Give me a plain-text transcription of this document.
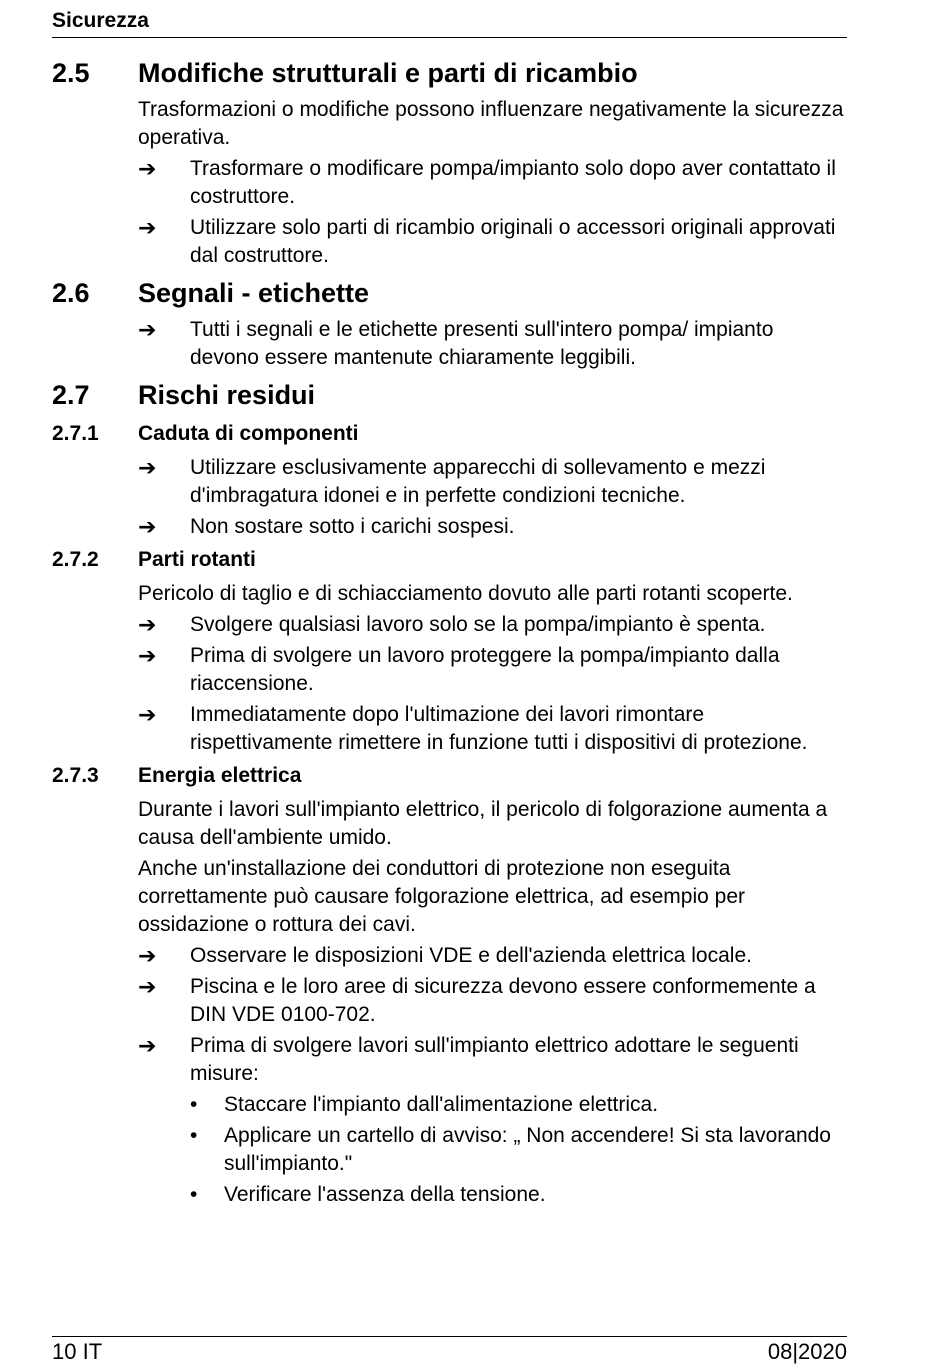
Sicurezza
2.5	Modifiche strutturali e parti di ricambio
Trasformazioni o modifiche possono influenzare negativamente la sicurezza operativa.
➔	Trasformare o modificare pompa/impianto solo dopo aver contattato il costruttore.
➔	Utilizzare solo parti di ricambio originali o accessori originali approvati dal costruttore.
2.6	Segnali - etichette
➔	Tutti i segnali e le etichette presenti sull'intero pompa/ impianto devono essere mantenute chiaramente leggibili.
2.7	Rischi residui
2.7.1	Caduta di componenti
➔	Utilizzare esclusivamente apparecchi di sollevamento e mezzi d'imbragatura idonei e in perfette condizioni tecniche.
➔	Non sostare sotto i carichi sospesi.
2.7.2	Parti rotanti
Pericolo di taglio e di schiacciamento dovuto alle parti rotanti scoperte.
➔	Svolgere qualsiasi lavoro solo se la pompa/impianto è spenta.
➔	Prima di svolgere un lavoro proteggere la pompa/impianto dalla riaccensione.
➔	Immediatamente dopo l'ultimazione dei lavori rimontare rispettivamente rimettere in funzione tutti i dispositivi di protezione.
2.7.3	Energia elettrica
Durante i lavori sull'impianto elettrico, il pericolo di folgorazione aumenta a causa dell'ambiente umido.
Anche un'installazione dei conduttori di protezione non eseguita correttamente può causare folgorazione elettrica, ad esempio per ossidazione o rottura dei cavi.
➔	Osservare le disposizioni VDE e dell'azienda elettrica locale.
➔	Piscina e le loro aree di sicurezza devono essere conformemente a DIN VDE 0100-702.
➔	Prima di svolgere lavori sull'impianto elettrico adottare le seguenti misure:
•	Staccare l'impianto dall'alimentazione elettrica.
•	Applicare un cartello di avviso: „ Non accendere! Si sta lavorando sull'impianto."
•	Verificare l'assenza della tensione.
10 IT	08|2020
